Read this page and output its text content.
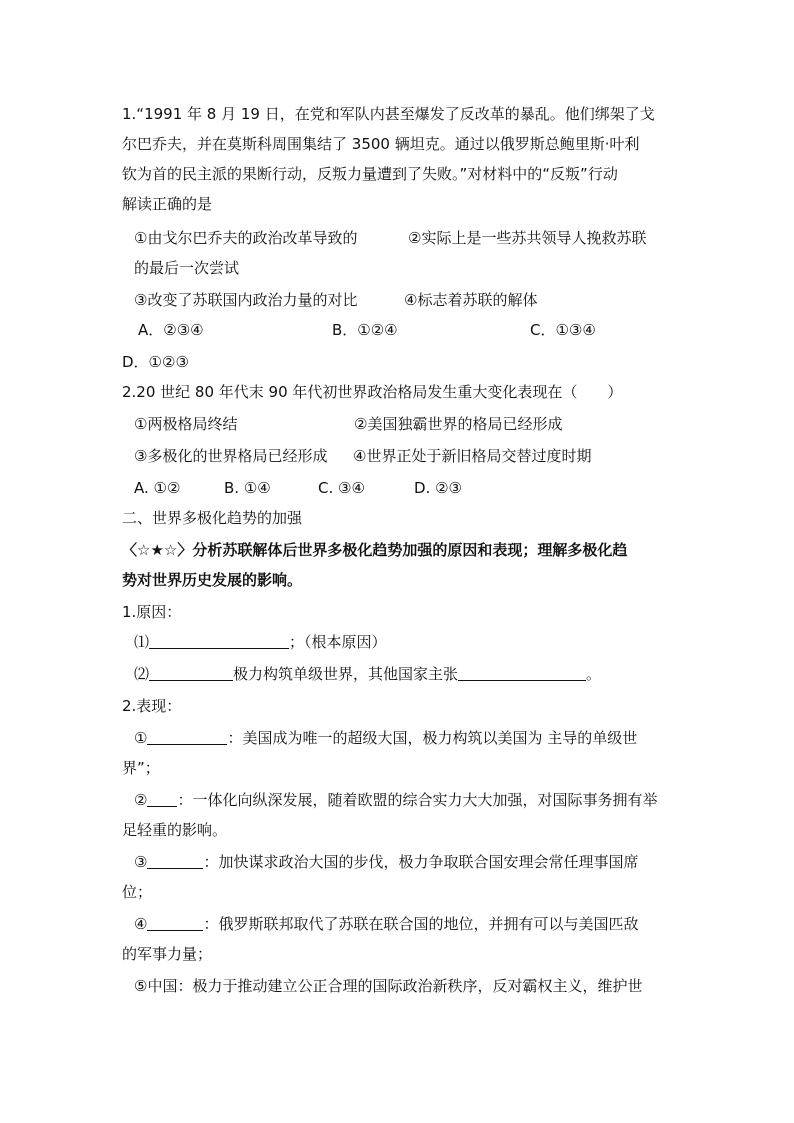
1.“1991 年 8 月 19 日，在党和军队内甚至爆发了反改革的暴乱。他们绑架了戈
尔巴乔夫，并在莫斯科周围集结了 3500 辆坦克。通过以俄罗斯总鲍里斯·叶利
钦为首的民主派的果断行动，反叛力量遭到了失败。”对材料中的“反叛”行动
解读正确的是
①由戈尔巴乔夫的政治改革导致的	②实际上是一些苏共领导人挽救苏联
的最后一次尝试
③改变了苏联国内政治力量的对比	④标志着苏联的解体
A．②③④	B．①②④	C．①③④
D．①②③
2.20 世纪 80 年代末 90 年代初世界政治格局发生重大变化表现在（　　）
①两极格局终结	②美国独霸世界的格局已经形成
③多极化的世界格局已经形成 ④世界正处于新旧格局交替过度时期
A. ①②	B. ①④	C. ③④	D. ②③
二、世界多极化趋势的加强
〈☆★☆〉分析苏联解体后世界多极化趋势加强的原因和表现；理解多极化趋
势对世界历史发展的影响。
1.原因：
⑴	；（根本原因）
⑵	极力构筑单级世界，其他国家主张	。
2.表现：
①	：美国成为唯一的超级大国，极力构筑以美国为 主导的单级世
界”；
② ：一体化向纵深发展，随着欧盟的综合实力大大加强，对国际事务拥有举
足轻重的影响。
③	：加快谋求政治大国的步伐，极力争取联合国安理会常任理事国席
位；
④	：俄罗斯联邦取代了苏联在联合国的地位，并拥有可以与美国匹敌
的军事力量；
⑤中国：极力于推动建立公正合理的国际政治新秩序，反对霸权主义，维护世
